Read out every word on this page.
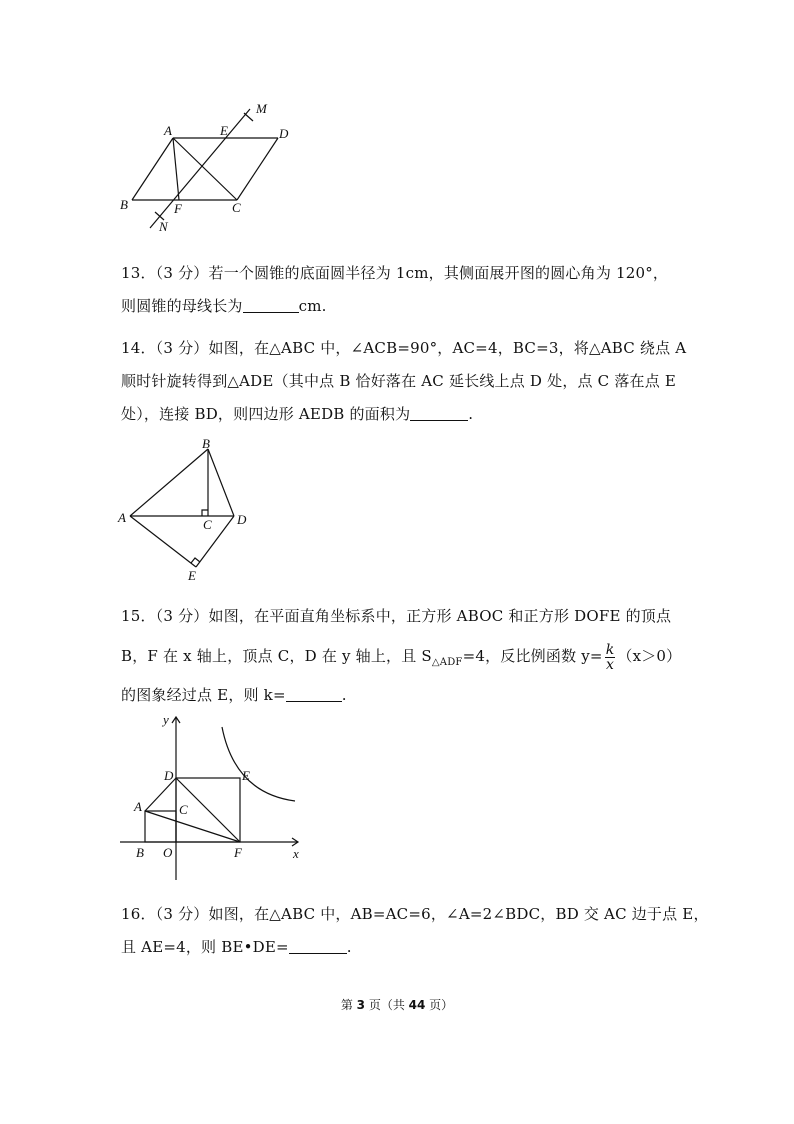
A	E	D
M
B	F	C
N
13．（3 分）若一个圆锥的底面圆半径为 1cm，其侧面展开图的圆心角为 120°，
则圆锥的母线长为	cm.
14．（3 分）如图，在△ABC 中，∠ACB=90°，AC=4，BC=3，将△ABC 绕点 A
顺时针旋转得到△ADE（其中点 B 恰好落在 AC 延长线上点 D 处，点 C 落在点 E
处），连接 BD，则四边形 AEDB 的面积为	.
A
B
C D
E
15．（3 分）如图，在平面直角坐标系中，正方形 ABOC 和正方形 DOFE 的顶点
B，F 在 x 轴上，顶点 C，D 在 y 轴上，且 $S_{\triangle ADF}=4$，反比例函数 $y= \frac{k}{x} (x>0)$
的图象经过点 E，则 k=	.
y
x
D	E
A	C
B O	F
16．（3 分）如图，在△ABC 中，AB=AC=6，∠A=2∠BDC，BD 交 AC 边于点 E，
且 AE=4，则 BE•DE=	.
第 3 页（共 44 页）
